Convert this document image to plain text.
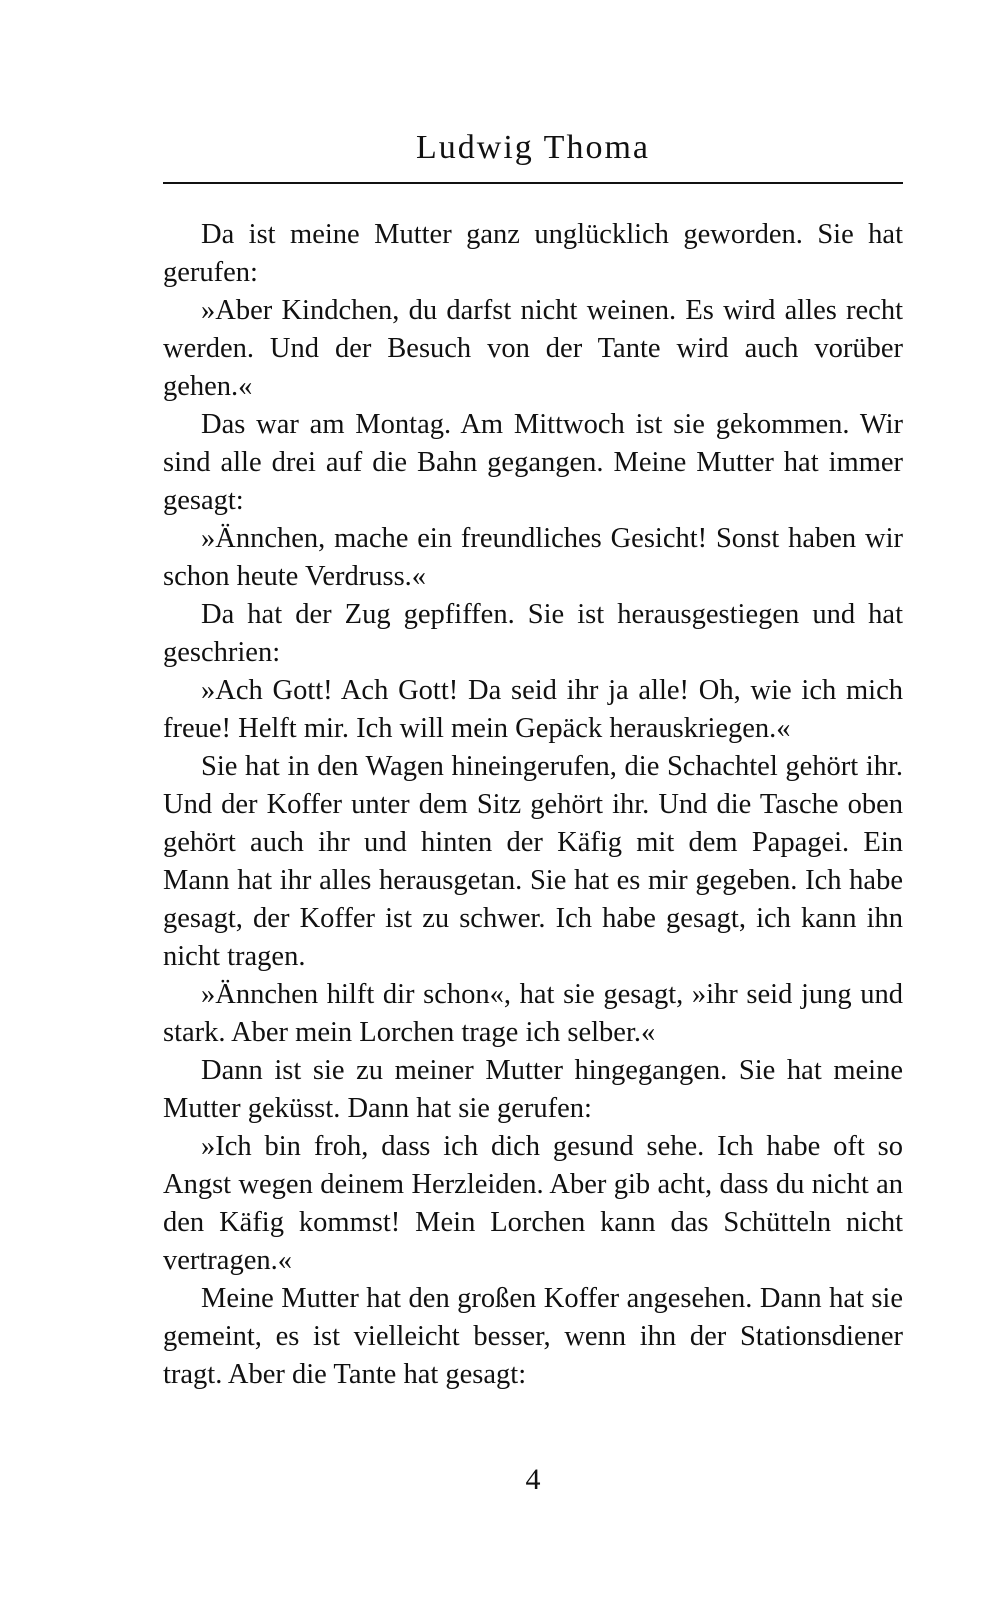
Ludwig Thoma

Da ist meine Mutter ganz unglücklich geworden. Sie hat gerufen:

»Aber Kindchen, du darfst nicht weinen. Es wird alles recht werden. Und der Besuch von der Tante wird auch vorüber gehen.«

Das war am Montag. Am Mittwoch ist sie gekommen. Wir sind alle drei auf die Bahn gegangen. Meine Mutter hat immer gesagt:

»Ännchen, mache ein freundliches Gesicht! Sonst haben wir schon heute Verdruss.«

Da hat der Zug gepfiffen. Sie ist herausgestiegen und hat geschrien:

»Ach Gott! Ach Gott! Da seid ihr ja alle! Oh, wie ich mich freue! Helft mir. Ich will mein Gepäck herauskriegen.«

Sie hat in den Wagen hineingerufen, die Schachtel gehört ihr. Und der Koffer unter dem Sitz gehört ihr. Und die Tasche oben gehört auch ihr und hinten der Käfig mit dem Papagei. Ein Mann hat ihr alles herausgetan. Sie hat es mir gegeben. Ich habe gesagt, der Koffer ist zu schwer. Ich habe gesagt, ich kann ihn nicht tragen.

»Ännchen hilft dir schon«, hat sie gesagt, »ihr seid jung und stark. Aber mein Lorchen trage ich selber.«

Dann ist sie zu meiner Mutter hingegangen. Sie hat meine Mutter geküsst. Dann hat sie gerufen:

»Ich bin froh, dass ich dich gesund sehe. Ich habe oft so Angst wegen deinem Herzleiden. Aber gib acht, dass du nicht an den Käfig kommst! Mein Lorchen kann das Schütteln nicht vertragen.«

Meine Mutter hat den großen Koffer angesehen. Dann hat sie gemeint, es ist vielleicht besser, wenn ihn der Stationsdiener tragt. Aber die Tante hat gesagt:

4
